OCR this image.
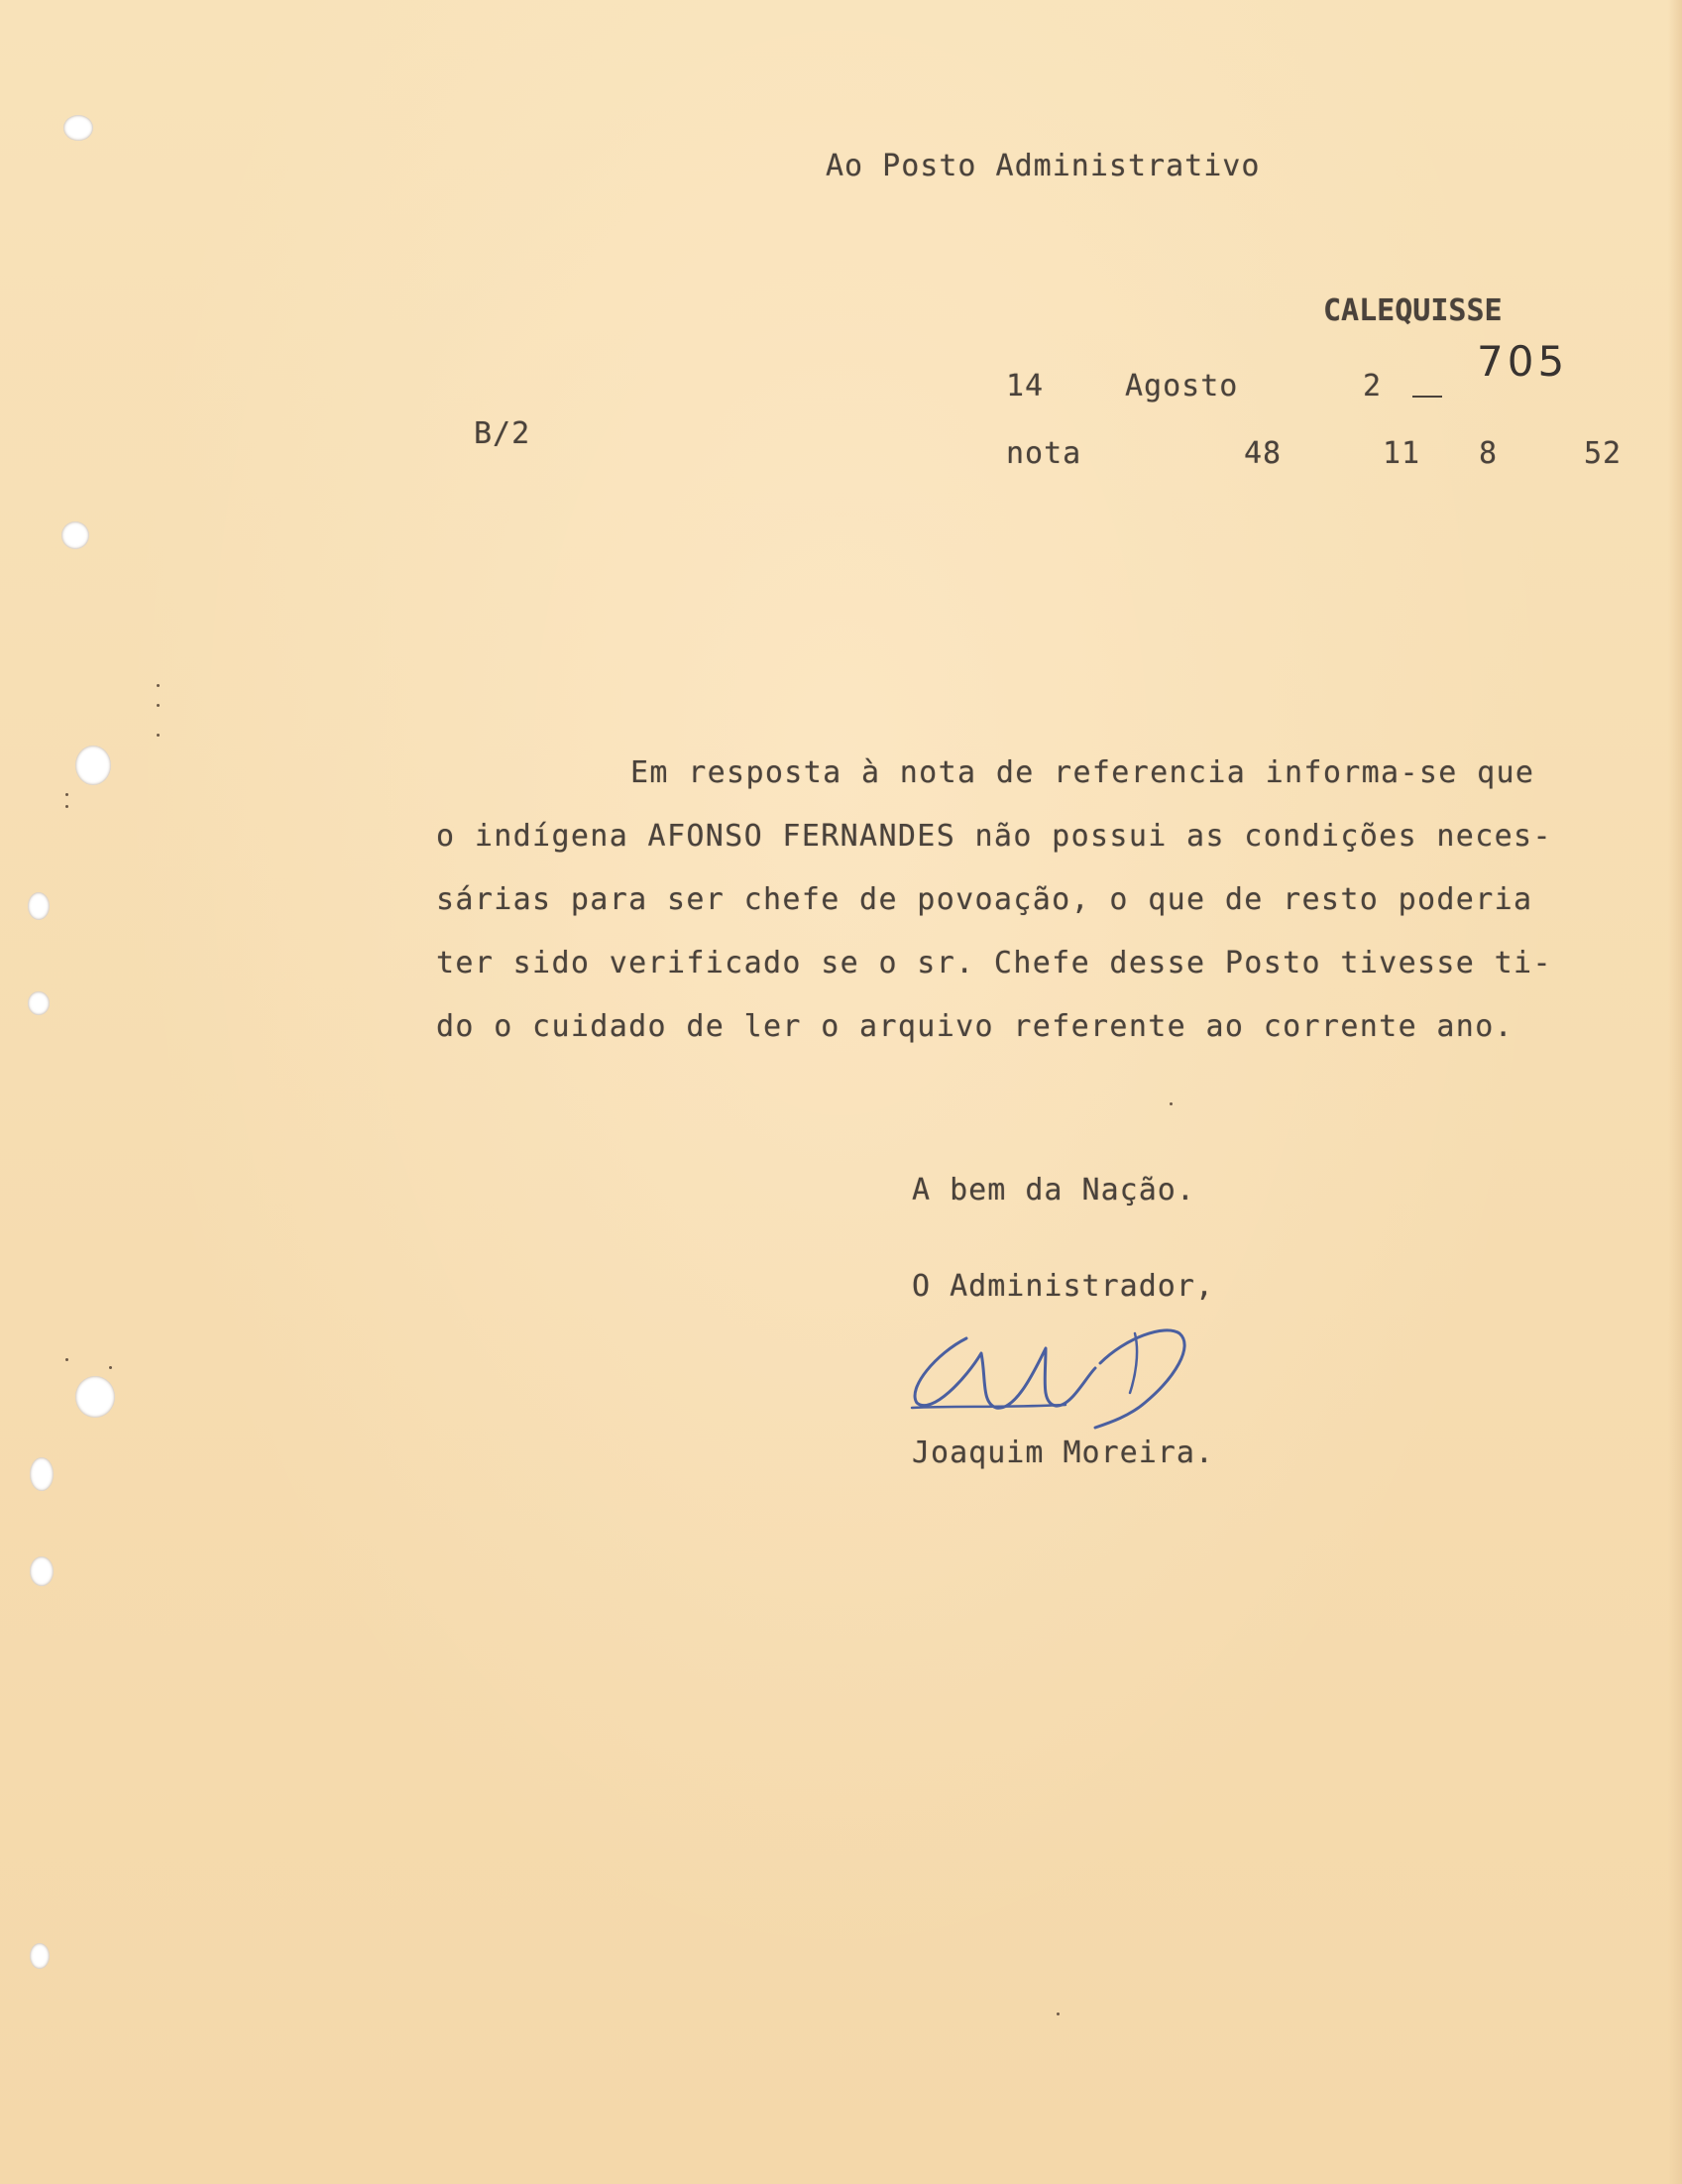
Ao Posto Administrativo
CALEQUISSE
705
B/2
14	Agosto	2
nota	48	11 8	52
Em resposta à nota de referencia informa-se que
o indígena AFONSO FERNANDES não possui as condições neces-
sárias para ser chefe de povoação, o que de resto poderia
ter sido verificado se o sr. Chefe desse Posto tivesse ti-
do o cuidado de ler o arquivo referente ao corrente ano.
A bem da Nação.
O Administrador,
Joaquim Moreira.
